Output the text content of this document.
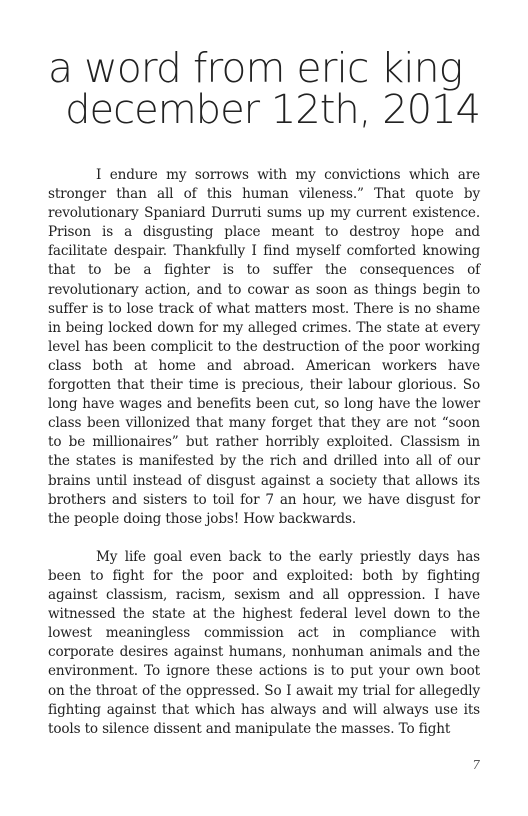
a word from eric king
december 12th, 2014

I endure my sorrows with my convictions which are stronger than all of this human vileness.” That quote by revolutionary Spaniard Durruti sums up my current existence. Prison is a disgusting place meant to destroy hope and facilitate despair. Thankfully I find myself comforted knowing that to be a fighter is to suffer the consequences of revolutionary action, and to cowar as soon as things begin to suffer is to lose track of what matters most. There is no shame in being locked down for my alleged crimes. The state at every level has been complicit to the destruction of the poor working class both at home and abroad. American workers have forgotten that their time is precious, their labour glorious. So long have wages and benefits been cut, so long have the lower class been villonized that many forget that they are not “soon to be millionaires” but rather horribly exploited. Classism in the states is manifested by the rich and drilled into all of our brains until instead of disgust against a society that allows its brothers and sisters to toil for 7 an hour, we have disgust for the people doing those jobs! How backwards.

My life goal even back to the early priestly days has been to fight for the poor and exploited: both by fighting against classism, racism, sexism and all oppression. I have witnessed the state at the highest federal level down to the lowest meaningless commission act in compliance with corporate desires against humans, nonhuman animals and the environment. To ignore these actions is to put your own boot on the throat of the oppressed. So I await my trial for allegedly fighting against that which has always and will always use its tools to silence dissent and manipulate the masses. To fight

7
